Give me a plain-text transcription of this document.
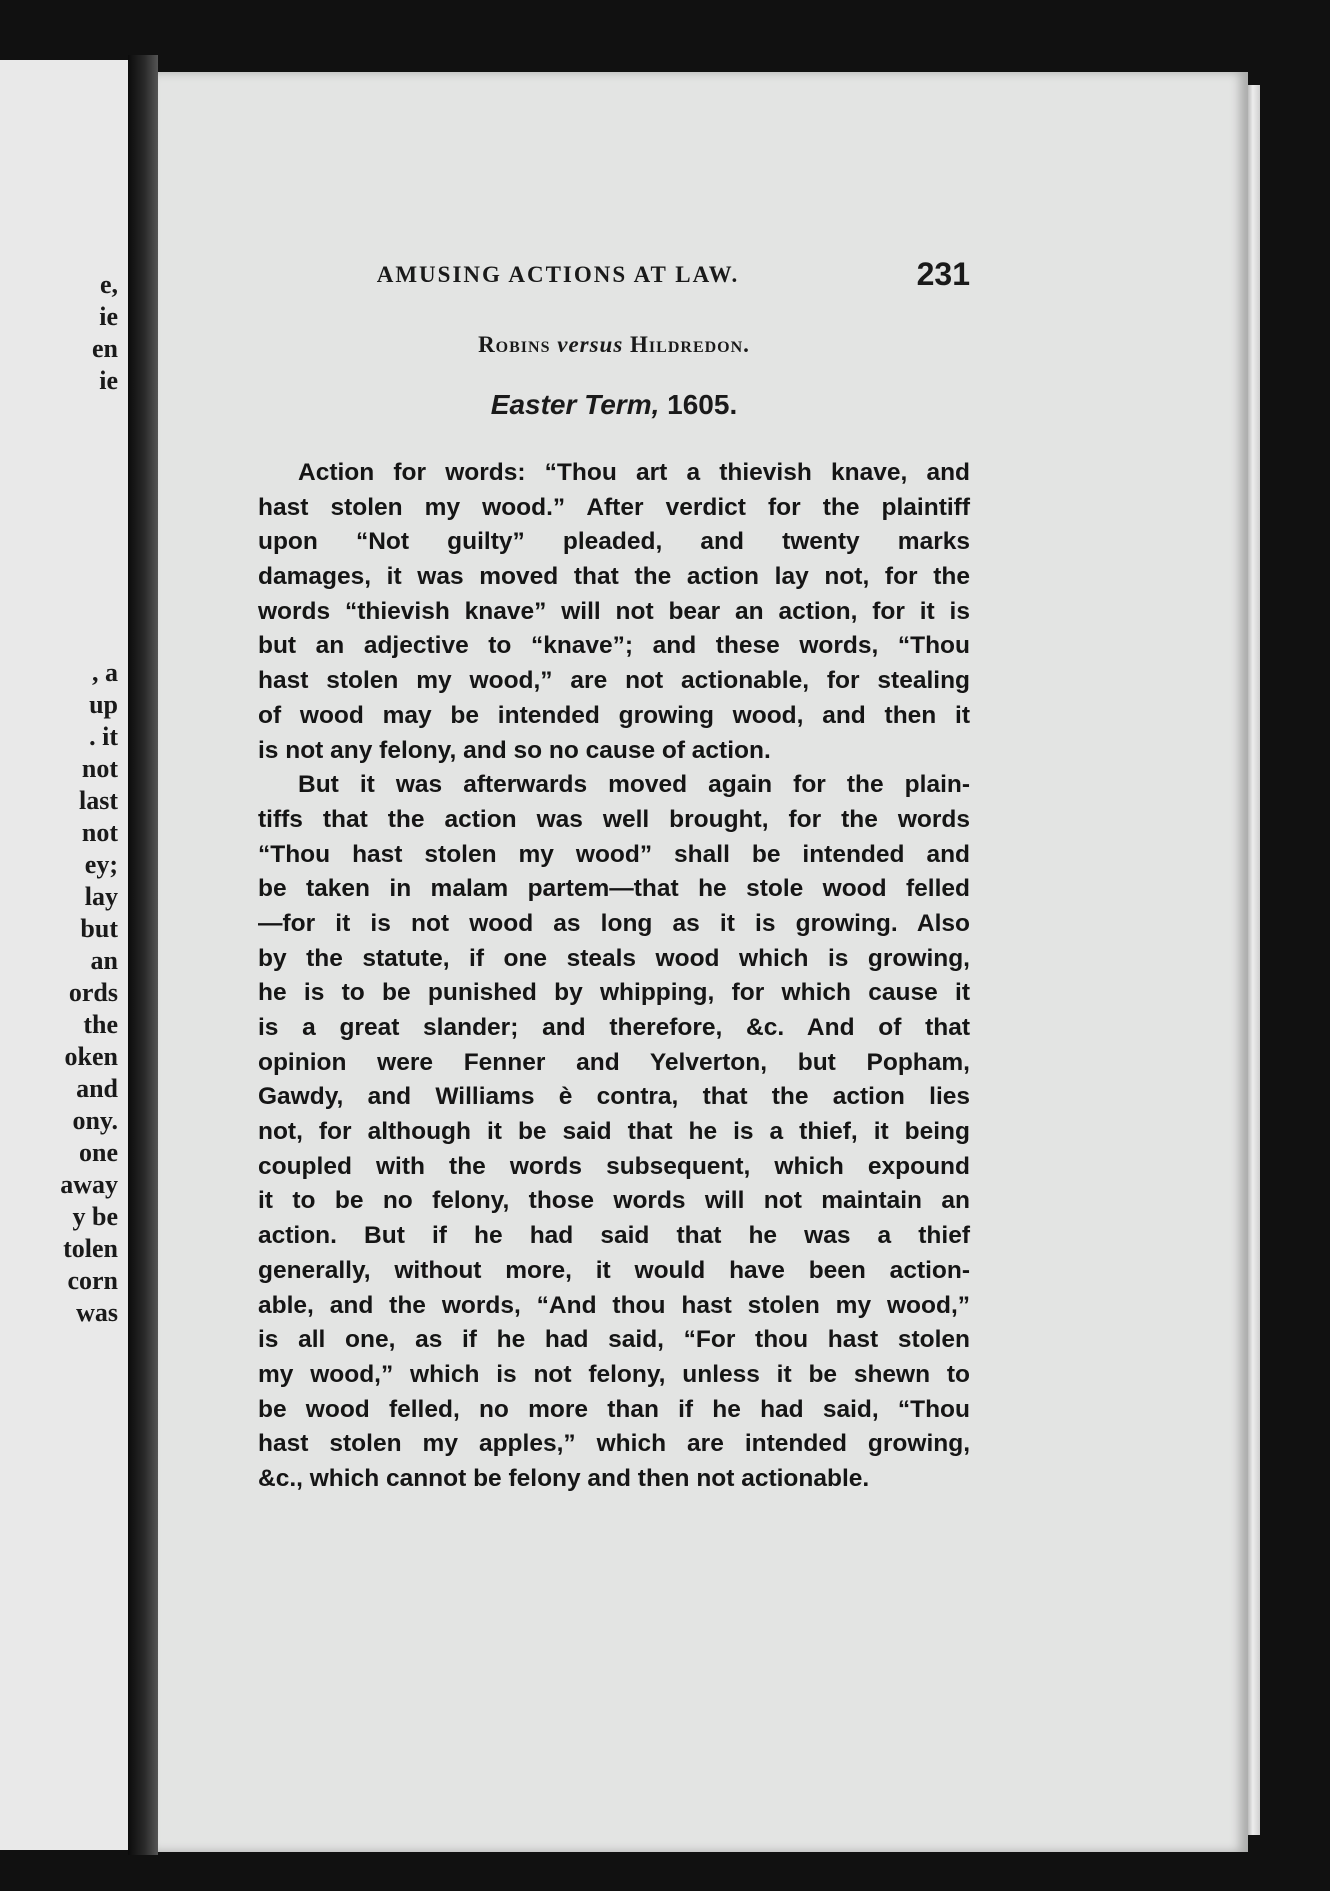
e,
ie
en
ie
, a
up
. it
not
last
not
ey;
lay
but
an
ords
the
oken
and
ony.
one
away
y be
tolen
corn
was
AMUSING ACTIONS AT LAW.	231
Robins versus Hildredon.
Easter Term, 1605.
Action for words: “Thou art a thievish knave, and
hast stolen my wood.” After verdict for the plaintiff
upon “Not guilty” pleaded, and twenty marks
damages, it was moved that the action lay not, for the
words “thievish knave” will not bear an action, for it is
but an adjective to “knave”; and these words, “Thou
hast stolen my wood,” are not actionable, for stealing
of wood may be intended growing wood, and then it
is not any felony, and so no cause of action.
But it was afterwards moved again for the plain-
tiffs that the action was well brought, for the words
“Thou hast stolen my wood” shall be intended and
be taken in malam partem—that he stole wood felled
—for it is not wood as long as it is growing. Also
by the statute, if one steals wood which is growing,
he is to be punished by whipping, for which cause it
is a great slander; and therefore, &c. And of that
opinion were Fenner and Yelverton, but Popham,
Gawdy, and Williams è contra, that the action lies
not, for although it be said that he is a thief, it being
coupled with the words subsequent, which expound
it to be no felony, those words will not maintain an
action. But if he had said that he was a thief
generally, without more, it would have been action-
able, and the words, “And thou hast stolen my wood,”
is all one, as if he had said, “For thou hast stolen
my wood,” which is not felony, unless it be shewn to
be wood felled, no more than if he had said, “Thou
hast stolen my apples,” which are intended growing,
&c., which cannot be felony and then not actionable.
